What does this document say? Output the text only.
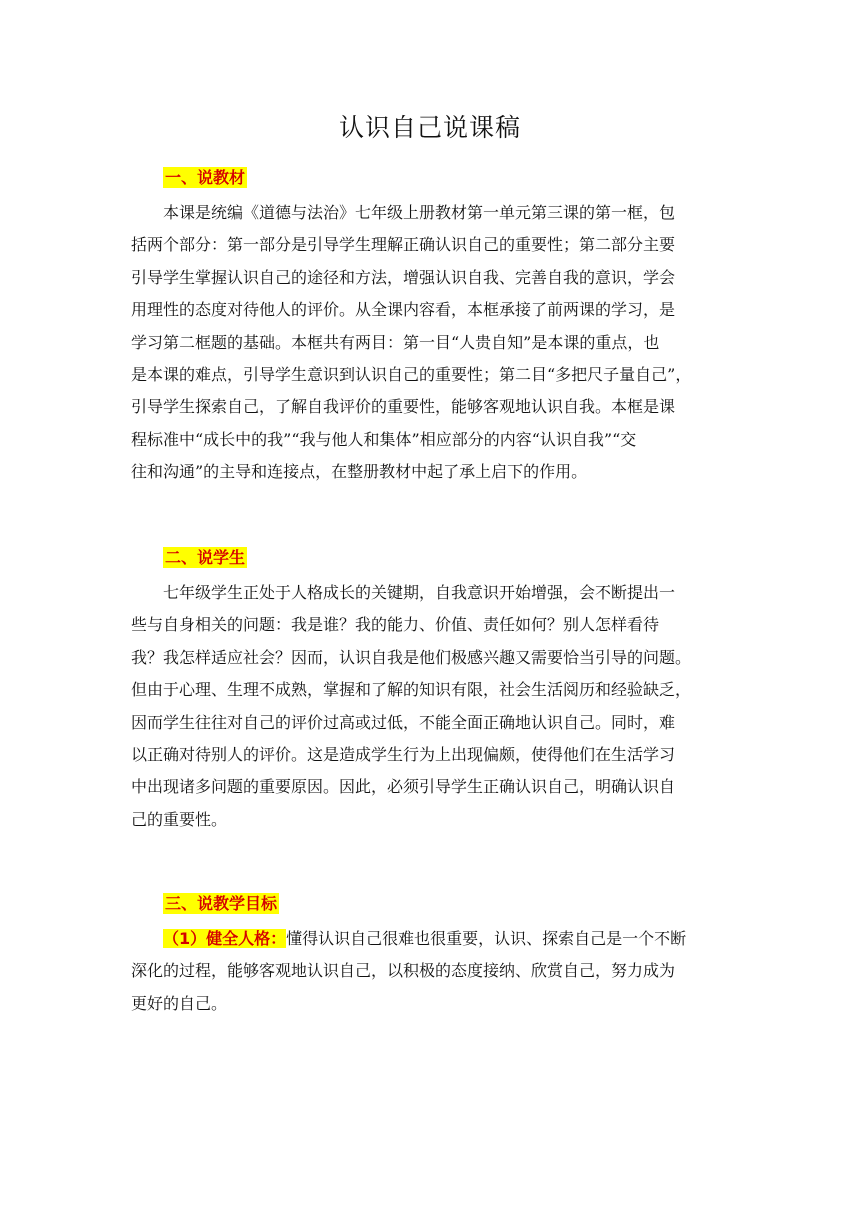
认识自己说课稿
一、说教材
本课是统编《道德与法治》七年级上册教材第一单元第三课的第一框，包
括两个部分：第一部分是引导学生理解正确认识自己的重要性；第二部分主要
引导学生掌握认识自己的途径和方法，增强认识自我、完善自我的意识，学会
用理性的态度对待他人的评价。从全课内容看，本框承接了前两课的学习，是
学习第二框题的基础。本框共有两目：第一目“人贵自知”是本课的重点，也
是本课的难点，引导学生意识到认识自己的重要性；第二目“多把尺子量自己”，
引导学生探索自己，了解自我评价的重要性，能够客观地认识自我。本框是课
程标准中“成长中的我”“我与他人和集体”相应部分的内容“认识自我”“交
往和沟通”的主导和连接点，在整册教材中起了承上启下的作用。
二、说学生
七年级学生正处于人格成长的关键期，自我意识开始增强，会不断提出一
些与自身相关的问题：我是谁？我的能力、价值、责任如何？别人怎样看待
我？我怎样适应社会？因而，认识自我是他们极感兴趣又需要恰当引导的问题。
但由于心理、生理不成熟，掌握和了解的知识有限，社会生活阅历和经验缺乏，
因而学生往往对自己的评价过高或过低，不能全面正确地认识自己。同时，难
以正确对待别人的评价。这是造成学生行为上出现偏颇，使得他们在生活学习
中出现诸多问题的重要原因。因此，必须引导学生正确认识自己，明确认识自
己的重要性。
三、说教学目标
（1）健全人格：懂得认识自己很难也很重要，认识、探索自己是一个不断
深化的过程，能够客观地认识自己，以积极的态度接纳、欣赏自己，努力成为
更好的自己。
